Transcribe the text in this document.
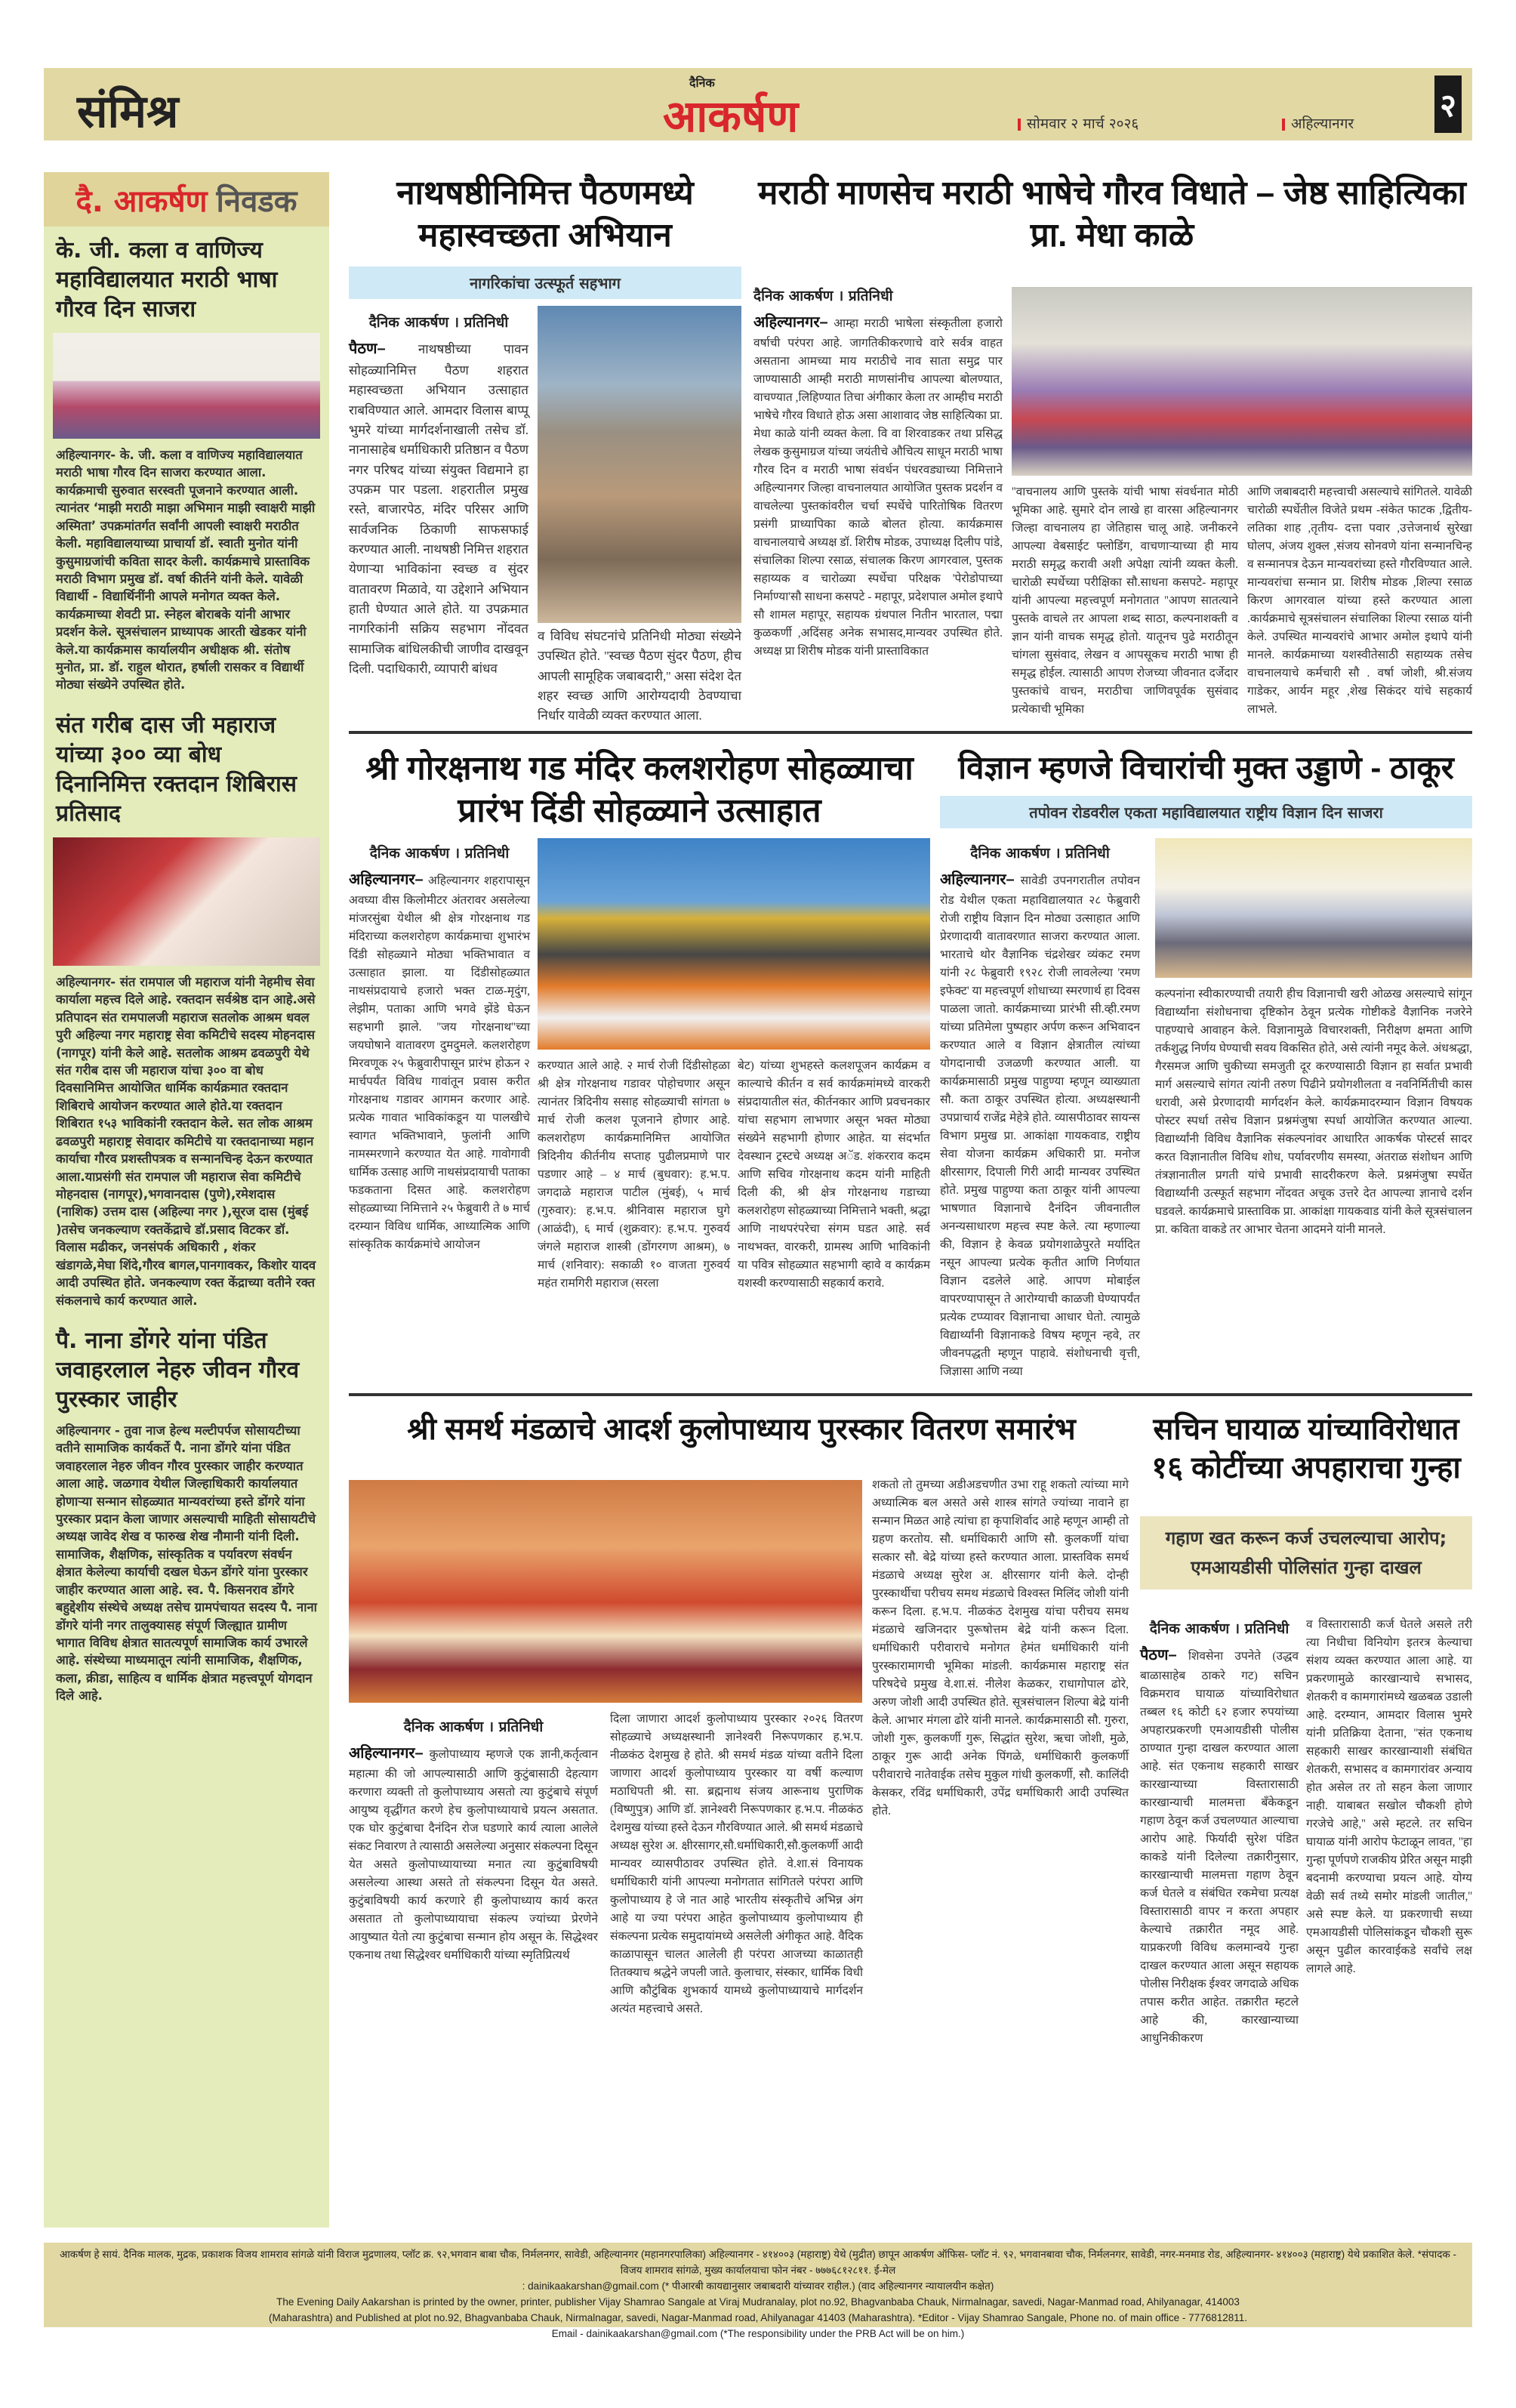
संमिश्र
दैनिक
आकर्षण	सोमवार २ मार्च २०२६	अहिल्यानगर
२
दै. आकर्षण निवडक
के. जी. कला व वाणिज्य महाविद्यालयात मराठी भाषा गौरव दिन साजरा
अहिल्यानगर- के. जी. कला व वाणिज्य महाविद्यालयात मराठी भाषा गौरव दिन साजरा करण्यात आला. कार्यक्रमाची सुरुवात सरस्वती पूजनाने करण्यात आली. त्यानंतर ‘माझी मराठी माझा अभिमान माझी स्वाक्षरी माझी अस्मिता’ उपक्रमांतर्गत सर्वांनी आपली स्वाक्षरी मराठीत केली. महाविद्यालयाच्या प्राचार्या डॉ. स्वाती मुनोत यांनी कुसुमाग्रजांची कविता सादर केली. कार्यक्रमाचे प्रास्ताविक मराठी विभाग प्रमुख डॉ. वर्षा कीर्तने यांनी केले. यावेळी विद्यार्थी - विद्यार्थिनींनी आपले मनोगत व्यक्त केले. कार्यक्रमाच्या शेवटी प्रा. स्नेहल बोराबके यांनी आभार प्रदर्शन केले. सूत्रसंचालन प्राध्यापक आरती खेडकर यांनी केले.या कार्यक्रमास कार्यालयीन अधीक्षक श्री. संतोष मुनोत, प्रा. डॉ. राहुल थोरात, हर्षाली रासकर व विद्यार्थी मोठ्या संख्येने उपस्थित होते.
संत गरीब दास जी महाराज यांच्या ३०० व्या बोध दिनानिमित्त रक्तदान शिबिरास प्रतिसाद
अहिल्यानगर- संत रामपाल जी महाराज यांनी नेहमीच सेवा कार्याला महत्त्व दिले आहे. रक्तदान सर्वश्रेष्ठ दान आहे.असे प्रतिपादन संत रामपालजी महाराज सतलोक आश्रम धवल पुरी अहिल्या नगर महाराष्ट्र सेवा कमिटीचे सदस्य मोहनदास (नागपूर) यांनी केले आहे. सतलोक आश्रम ढवळपुरी येथे संत गरीब दास जी महाराज यांचा ३०० वा बोध दिवसानिमित्त आयोजित धार्मिक कार्यक्रमात रक्तदान शिबिराचे आयोजन करण्यात आले होते.या रक्तदान शिबिरात १५३ भाविकांनी रक्तदान केले. सत लोक आश्रम ढवळपुरी महाराष्ट्र सेवादार कमिटीचे या रक्तदानाच्या महान कार्याचा गौरव प्रशस्तीपत्रक व सन्मानचिन्ह देऊन करण्यात आला.याप्रसंगी संत रामपाल जी महाराज सेवा कमिटीचे मोहनदास (नागपूर),भगवानदास (पुणे),रमेशदास (नाशिक) उत्तम दास (अहिल्या नगर ),सूरज दास (मुंबई )तसेच जनकल्याण रक्तकेंद्राचे डॉ.प्रसाद विटकर डॉ. विलास मढीकर, जनसंपर्क अधिकारी , शंकर खंडागळे,मेघा शिंदे,गौरव बागल,पानगावकर, किशोर यादव आदी उपस्थित होते. जनकल्याण रक्त केंद्राच्या वतीने रक्त संकलनाचे कार्य करण्यात आले.
पै. नाना डोंगरे यांना पंडित जवाहरलाल नेहरु जीवन गौरव पुरस्कार जाहीर
अहिल्यानगर - तुवा नाज हेल्थ मल्टीपर्पज सोसायटीच्या वतीने सामाजिक कार्यकर्ते पै. नाना डोंगरे यांना पंडित जवाहरलाल नेहरु जीवन गौरव पुरस्कार जाहीर करण्यात आला आहे. जळगाव येथील जिल्हाधिकारी कार्यालयात होणाऱ्या सन्मान सोहळ्यात मान्यवरांच्या हस्ते डोंगरे यांना पुरस्कार प्रदान केला जाणार असल्याची माहिती सोसायटीचे अध्यक्ष जावेद शेख व फारुख शेख नौमानी यांनी दिली. सामाजिक, शैक्षणिक, सांस्कृतिक व पर्यावरण संवर्धन क्षेत्रात केलेल्या कार्याची दखल घेऊन डोंगरे यांना पुरस्कार जाहीर करण्यात आला आहे. स्व. पै. किसनराव डोंगरे बहुद्देशीय संस्थेचे अध्यक्ष तसेच ग्रामपंचायत सदस्य पै. नाना डोंगरे यांनी नगर तालुक्यासह संपूर्ण जिल्ह्यात ग्रामीण भागात विविध क्षेत्रात सातत्यपूर्ण सामाजिक कार्य उभारले आहे. संस्थेच्या माध्यमातून त्यांनी सामाजिक, शैक्षणिक, कला, क्रीडा, साहित्य व धार्मिक क्षेत्रात महत्त्वपूर्ण योगदान दिले आहे.
नाथषष्ठीनिमित्त पैठणमध्ये महास्वच्छता अभियान
नागरिकांचा उत्स्फूर्त सहभाग
दैनिक आकर्षण । प्रतिनिधी
पैठण–	नाथषष्ठीच्या पावन सोहळ्यानिमित्त पैठण शहरात महास्वच्छता अभियान उत्साहात राबविण्यात आले. आमदार विलास बाप्पू भुमरे यांच्या मार्गदर्शनाखाली तसेच डॉ. नानासाहेब धर्माधिकारी प्रतिष्ठान व पैठण नगर परिषद यांच्या संयुक्त विद्यमाने हा उपक्रम पार पडला. शहरातील प्रमुख रस्ते, बाजारपेठ, मंदिर परिसर आणि सार्वजनिक ठिकाणी साफसफाई करण्यात आली. नाथषष्ठी निमित्त शहरात येणाऱ्या भाविकांना स्वच्छ व सुंदर वातावरण मिळावे, या उद्देशाने अभियान हाती घेण्यात आले होते. या उपक्रमात नागरिकांनी सक्रिय सहभाग नोंदवत सामाजिक बांधिलकीची जाणीव दाखवून दिली. पदाधिकारी, व्यापारी बांधव
व विविध संघटनांचे प्रतिनिधी मोठ्या संख्येने उपस्थित होते. ''स्वच्छ पैठण सुंदर पैठण, हीच आपली सामूहिक जबाबदारी,'' असा संदेश देत शहर स्वच्छ आणि आरोग्यदायी ठेवण्याचा निर्धार यावेळी व्यक्त करण्यात आला.
मराठी माणसेच मराठी भाषेचे गौरव विधाते – जेष्ठ साहित्यिका प्रा. मेधा काळे
दैनिक आकर्षण । प्रतिनिधी
अहिल्यानगर– आम्हा मराठी भाषेला संस्कृतीला हजारो वर्षाची परंपरा आहे. जागतिकीकरणाचे वारे सर्वत्र वाहत असताना आमच्या माय मराठीचे नाव साता समुद्र पार जाण्यासाठी आम्ही मराठी माणसांनीच आपल्या बोलण्यात, वाचण्यात ,लिहिण्यात तिचा अंगीकार केला तर आम्हीच मराठी भाषेचे गौरव विधाते होऊ असा आशावाद जेष्ठ साहित्यिका प्रा. मेधा काळे यांनी व्यक्त केला. वि वा शिरवाडकर तथा प्रसिद्ध लेखक कुसुमाग्रज यांच्या जयंतीचे औचित्य साधून मराठी भाषा गौरव दिन व मराठी भाषा संवर्धन पंधरवड्याच्या निमित्ताने अहिल्यानगर जिल्हा वाचनालयात आयोजित पुस्तक प्रदर्शन व वाचलेल्या पुस्तकांवरील चर्चा स्पर्धेचे पारितोषिक वितरण प्रसंगी प्राध्यापिका काळे बोलत होत्या. कार्यक्रमास वाचनालयाचे अध्यक्ष डॉ. शिरीष मोडक, उपाध्यक्ष दिलीप पांडे, संचालिका शिल्पा रसाळ, संचालक किरण आगरवाल, पुस्तक सहाय्यक व चारोळ्या स्पर्धेचा परिक्षक 'पेरोडोपाच्या निर्माण्या'सौ साधना कसपटे - महापूर, प्रदेशपाल अमोल इथापे सौ शामल महापूर, सहायक ग्रंथपाल नितीन भारताल, पद्मा कुळकर्णी ,अदिंसह अनेक सभासद,मान्यवर उपस्थित होते. अध्यक्ष प्रा शिरीष मोडक यांनी प्रास्ताविकात
''वाचनालय आणि पुस्तके यांची भाषा संवर्धनात मोठी भूमिका आहे. सुमारे दोन लाखे हा वारसा अहिल्यानगर जिल्हा वाचनालय हा जेतिहास चालू आहे. जनीकरने आपल्या वेबसाईट फ्लोडिंग, वाचणाऱ्याच्या ही माय मराठी समृद्ध करावी अशी अपेक्षा त्यांनी व्यक्त केली. चारोळी स्पर्धेच्या परीक्षिका सौ.साधना कसपटे- महापूर यांनी आपल्या महत्त्वपूर्ण मनोगतात ''आपण सातत्याने पुस्तके वाचले तर आपला शब्द साठा, कल्पनाशक्ती व ज्ञान यांनी वाचक समृद्ध होतो. यातूनच पुढे मराठीतून चांगला सुसंवाद, लेखन व आपसूकच मराठी भाषा ही समृद्ध होईल. त्यासाठी आपण रोजच्या जीवनात दर्जेदार पुस्तकांचे वाचन, मराठीचा जाणिवपूर्वक सुसंवाद प्रत्येकाची भूमिका
आणि जबाबदारी महत्त्वाची असल्याचे सांगितले. यावेळी चारोळी स्पर्धेतील विजेते प्रथम -संकेत फाटक ,द्वितीय- लतिका शाह ,तृतीय- दत्ता पवार ,उत्तेजनार्थ सुरेखा घोलप, अंजय शुक्ल ,संजय सोनवणे यांना सन्मानचिन्ह व सन्मानपत्र देऊन मान्यवरांच्या हस्ते गौरविण्यात आले. मान्यवरांचा सन्मान प्रा. शिरीष मोडक ,शिल्पा रसाळ किरण आगरवाल यांच्या हस्ते करण्यात आला .कार्यक्रमाचे सूत्रसंचालन संचालिका शिल्पा रसाळ यांनी केले. उपस्थित मान्यवरांचे आभार अमोल इथापे यांनी मानले. कार्यक्रमाच्या यशस्वीतेसाठी सहाय्यक तसेच वाचनालयाचे कर्मचारी सौ . वर्षा जोशी, श्री.संजय गाडेकर, आर्यन महूर ,शेख सिकंदर यांचे सहकार्य लाभले.
श्री गोरक्षनाथ गड मंदिर कलशरोहण सोहळ्याचा प्रारंभ दिंडी सोहळ्याने उत्साहात
दैनिक आकर्षण । प्रतिनिधी
अहिल्यानगर– अहिल्यानगर शहरापासून अवघ्या वीस किलोमीटर अंतरावर असलेल्या मांजरसुंबा येथील श्री क्षेत्र गोरक्षनाथ गड मंदिराच्या कलशरोहण कार्यक्रमाचा शुभारंभ दिंडी सोहळ्याने मोठ्या भक्तिभावात व उत्साहात झाला. या दिंडीसोहळ्यात नाथसंप्रदायाचे हजारो भक्त टाळ-मृदुंग, लेझीम, पताका आणि भगवे झेंडे घेऊन सहभागी झाले. ''जय गोरक्षनाथ''च्या जयघोषाने वातावरण दुमदुमले. कलशरोहण मिरवणूक २५ फेब्रुवारीपासून प्रारंभ होऊन २ मार्चपर्यंत विविध गावांतून प्रवास करीत गोरक्षनाथ गडावर आगमन करणार आहे. प्रत्येक गावात भाविकांकडून या पालखीचे स्वागत भक्तिभावाने, फुलांनी आणि नामस्मरणाने करण्यात येत आहे. गावोगावी धार्मिक उत्साह आणि नाथसंप्रदायाची पताका फडकताना दिसत आहे. कलशरोहण सोहळ्याच्या निमित्ताने २५ फेब्रुवारी ते ७ मार्च दरम्यान विविध धार्मिक, आध्यात्मिक आणि सांस्कृतिक कार्यक्रमांचे आयोजन
करण्यात आले आहे. २ मार्च रोजी दिंडीसोहळा श्री क्षेत्र गोरक्षनाथ गडावर पोहोचणार असून त्यानंतर त्रिदिनीय ससाह सोहळ्याची सांगता ७ मार्च रोजी कलश पूजनाने होणार आहे. कलशरोहण कार्यक्रमानिमित्त आयोजित त्रिदिनीय कीर्तनीय सप्ताह पुढीलप्रमाणे पार पडणार आहे – ४ मार्च (बुधवार): ह.भ.प. जगदाळे महाराज पाटील (मुंबई), ५ मार्च (गुरुवार): ह.भ.प. श्रीनिवास महाराज घुगे (आळंदी), ६ मार्च (शुक्रवार): ह.भ.प. गुरुवर्य जंगले महाराज शास्त्री (डोंगरगण आश्रम), ७ मार्च (शनिवार): सकाळी १० वाजता गुरुवर्य महंत रामगिरी महाराज (सरला
बेट) यांच्या शुभहस्ते कलशपूजन कार्यक्रम व काल्याचे कीर्तन व सर्व कार्यक्रमांमध्ये वारकरी संप्रदायातील संत, कीर्तनकार आणि प्रवचनकार यांचा सहभाग लाभणार असून भक्त मोठ्या संख्येने सहभागी होणार आहेत. या संदर्भात देवस्थान ट्रस्टचे अध्यक्ष अॅड. शंकरराव कदम आणि सचिव गोरक्षनाथ कदम यांनी माहिती दिली की, श्री क्षेत्र गोरक्षनाथ गडाच्या कलशरोहण सोहळ्याच्या निमित्ताने भक्ती, श्रद्धा आणि नाथपरंपरेचा संगम घडत आहे. सर्व नाथभक्त, वारकरी, ग्रामस्थ आणि भाविकांनी या पवित्र सोहळ्यात सहभागी व्हावे व कार्यक्रम यशस्वी करण्यासाठी सहकार्य करावे.
विज्ञान म्हणजे विचारांची मुक्त उड्डाणे - ठाकूर
तपोवन रोडवरील एकता महाविद्यालयात राष्ट्रीय विज्ञान दिन साजरा
दैनिक आकर्षण । प्रतिनिधी
अहिल्यानगर– सावेडी उपनगरातील तपोवन रोड येथील एकता महाविद्यालयात २८ फेब्रुवारी रोजी राष्ट्रीय विज्ञान दिन मोठ्या उत्साहात आणि प्रेरणादायी वातावरणात साजरा करण्यात आला. भारताचे थोर वैज्ञानिक चंद्रशेखर व्यंकट रमण यांनी २८ फेब्रुवारी १९२८ रोजी लावलेल्या 'रमण इफेक्ट' या महत्त्वपूर्ण शोधाच्या स्मरणार्थ हा दिवस पाळला जातो. कार्यक्रमाच्या प्रारंभी सी.व्ही.रमण यांच्या प्रतिमेला पुष्पहार अर्पण करून अभिवादन करण्यात आले व विज्ञान क्षेत्रातील त्यांच्या योगदानाची उजळणी करण्यात आली. या कार्यक्रमासाठी प्रमुख पाहुण्या म्हणून व्याख्याता सौ. कता ठाकूर उपस्थित होत्या. अध्यक्षस्थानी उपप्राचार्य राजेंद्र मेहेत्रे होते. व्यासपीठावर सायन्स विभाग प्रमुख प्रा. आकांक्षा गायकवाड, राष्ट्रीय सेवा योजना कार्यक्रम अधिकारी प्रा. मनोज क्षीरसागर, दिपाली गिरी आदी मान्यवर उपस्थित होते. प्रमुख पाहुण्या कता ठाकूर यांनी आपल्या भाषणात विज्ञानाचे दैनंदिन जीवनातील अनन्यसाधारण महत्त्व स्पष्ट केले. त्या म्हणाल्या की, विज्ञान हे केवळ प्रयोगशाळेपुरते मर्यादित नसून आपल्या प्रत्येक कृतीत आणि निर्णयात विज्ञान दडलेले आहे. आपण मोबाईल वापरण्यापासून ते आरोग्याची काळजी घेण्यापर्यंत प्रत्येक टप्प्यावर विज्ञानाचा आधार घेतो. त्यामुळे विद्यार्थ्यांनी विज्ञानाकडे विषय म्हणून न्हवे, तर जीवनपद्धती म्हणून पाहावे. संशोधनाची वृत्ती, जिज्ञासा आणि नव्या
कल्पनांना स्वीकारण्याची तयारी हीच विज्ञानाची खरी ओळख असल्याचे सांगून विद्यार्थ्यांना संशोधनाचा दृष्टिकोन ठेवून प्रत्येक गोष्टीकडे वैज्ञानिक नजरेने पाहण्याचे आवाहन केले. विज्ञानामुळे विचारशक्ती, निरीक्षण क्षमता आणि तर्कशुद्ध निर्णय घेण्याची सवय विकसित होते, असे त्यांनी नमूद केले. अंधश्रद्धा, गैरसमज आणि चुकीच्या समजुती दूर करण्यासाठी विज्ञान हा सर्वात प्रभावी मार्ग असल्याचे सांगत त्यांनी तरुण पिढीने प्रयोगशीलता व नवनिर्मितीची कास धरावी, असे प्रेरणादायी मार्गदर्शन केले. कार्यक्रमादरम्यान विज्ञान विषयक पोस्टर स्पर्धा तसेच विज्ञान प्रश्नमंजुषा स्पर्धा आयोजित करण्यात आल्या. विद्यार्थ्यांनी विविध वैज्ञानिक संकल्पनांवर आधारित आकर्षक पोस्टर्स सादर करत विज्ञानातील विविध शोध, पर्यावरणीय समस्या, अंतराळ संशोधन आणि तंत्रज्ञानातील प्रगती यांचे प्रभावी सादरीकरण केले. प्रश्नमंजुषा स्पर्धेत विद्यार्थ्यांनी उत्स्फूर्त सहभाग नोंदवत अचूक उत्तरे देत आपल्या ज्ञानाचे दर्शन घडवले. कार्यक्रमाचे प्रास्ताविक प्रा. आकांक्षा गायकवाड यांनी केले सूत्रसंचालन प्रा. कविता वाकडे तर आभार चेतना आदमने यांनी मानले.
श्री समर्थ मंडळाचे आदर्श कुलोपाध्याय पुरस्कार वितरण समारंभ
शकतो तो तुमच्या अडीअडचणीत उभा राहू शकतो त्यांच्या मागे अध्यात्मिक बल असते असे शास्त्र सांगते ज्यांच्या नावाने हा सन्मान मिळत आहे त्यांचा हा कृपाशिर्वाद आहे म्हणून आम्ही तो ग्रहण करतोय. सौ. धर्माधिकारी आणि सौ. कुलकर्णी यांचा सत्कार सौ. बेद्रे यांच्या हस्ते करण्यात आला. प्रास्तविक समर्थ मंडळाचे अध्यक्ष सुरेश अ. क्षीरसागर यांनी केले. दोन्ही पुरस्कार्थीचा परीचय समथ मंडळाचे विश्वस्त मिलिंद जोशी यांनी करून दिला. ह.भ.प. नीळकंठ देशमुख यांचा परीचय समथ मंडळाचे खजिनदार पुरूषोत्तम बेद्रे यांनी करून दिला. धर्माधिकारी परीवाराचे मनोगत हेमंत धर्माधिकारी यांनी पुरस्कारामागची भूमिका मांडली. कार्यक्रमास महाराष्ट्र संत परिषदेचे प्रमुख वे.शा.सं. नीलेश केळकर, राधागोपाल ढोरे, अरुण जोशी आदी उपस्थित होते. सूत्रसंचालन शिल्पा बेद्रे यांनी केले. आभार मंगला ढोरे यांनी मानले. कार्यक्रमासाठी सौ. गुरुरा, जोशी गुरू, कुलकर्णी गुरू, सिद्धांत सुरेश, ऋचा जोशी, मुळे, ठाकूर गुरू आदी अनेक पिंगळे, धर्माधिकारी कुलकर्णी परीवाराचे नातेवाईक तसेच मुकुल गांधी कुलकर्णी, सौ. कालिंदी केसकर, रविंद्र धर्माधिकारी, उपेंद्र धर्माधिकारी आदी उपस्थित होते.
दैनिक आकर्षण । प्रतिनिधी
अहिल्यानगर– कुलोपाध्याय म्हणजे एक ज्ञानी,कर्तृत्वान महात्मा की जो आपल्यासाठी आणि कुटुंबासाठी देहत्याग करणारा व्यक्ती तो कुलोपाध्याय असतो त्या कुटुंबाचे संपूर्ण आयुष्य वृद्धींगत करणे हेच कुलोपाध्यायाचे प्रयत्न असतात. एक घोर कुटुंबाचा दैनंदिन रोज घडणारे कार्य त्याला आलेले संकट निवारण ते त्यासाठी असलेल्या अनुसार संकल्पना दिसून येत असते कुलोपाध्यायाच्या मनात त्या कुटुंबाविषयी असलेल्या आस्था असते तो संकल्पना दिसून येत असते. कुटुंबाविषयी कार्य करणारे ही कुलोपाध्याय कार्य करत असतात तो कुलोपाध्यायाचा संकल्प ज्यांच्या प्रेरणेने आयुष्यात येतो त्या कुटुंबाचा सन्मान होय असून के. सिद्धेश्वर एकनाथ तथा सिद्धेश्वर धर्माधिकारी यांच्या स्मृतिप्रित्यर्थ
दिला जाणारा आदर्श कुलोपाध्याय पुरस्कार २०२६ वितरण सोहळ्याचे अध्यक्षस्थानी ज्ञानेश्वरी निरूपणकार ह.भ.प. नीळकंठ देशमुख हे होते. श्री समर्थ मंडळ यांच्या वतीने दिला जाणारा आदर्श कुलोपाध्याय पुरस्कार या वर्षी कल्याण मठाधिपती श्री. सा. ब्रह्मनाथ संजय आरूनाथ पुराणिक (विष्णुपुत्र) आणि डॉ. ज्ञानेश्वरी निरूपणकार ह.भ.प. नीळकंठ देशमुख यांच्या हस्ते देऊन गौरविण्यात आले. श्री समर्थ मंडळाचे अध्यक्ष सुरेश अ. क्षीरसागर,सौ.धर्माधिकारी,सौ.कुलकर्णी आदी मान्यवर व्यासपीठावर उपस्थित होते. वे.शा.सं विनायक धर्माधिकारी यांनी आपल्या मनोगतात सांगितले परंपरा आणि कुलोपाध्याय हे जे नात आहे भारतीय संस्कृतीचे अभिन्न अंग आहे या ज्या परंपरा आहेत कुलोपाध्याय कुलोपाध्याय ही संकल्पना प्रत्येक समुदायांमध्ये असलेली अंगीकृत आहे. वैदिक काळापासून चालत आलेली ही परंपरा आजच्या काळातही तितक्याच श्रद्धेने जपली जाते. कुलाचार, संस्कार, धार्मिक विधी आणि कौटुंबिक शुभकार्य यामध्ये कुलोपाध्यायाचे मार्गदर्शन अत्यंत महत्त्वाचे असते.
सचिन घायाळ यांच्याविरोधात १६ कोटींच्या अपहाराचा गुन्हा
गहाण खत करून कर्ज उचलल्याचा आरोप; एमआयडीसी पोलिसांत गुन्हा दाखल
दैनिक आकर्षण । प्रतिनिधी
पैठण– शिवसेना उपनेते (उद्धव बाळासाहेब ठाकरे गट) सचिन विक्रमराव घायाळ यांच्याविरोधात तब्बल १६ कोटी ६२ हजार रुपयांच्या अपहारप्रकरणी एमआयडीसी पोलीस ठाण्यात गुन्हा दाखल करण्यात आला आहे. संत एकनाथ सहकारी साखर कारखान्याच्या विस्तारासाठी कारखान्याची मालमत्ता बँकेकडून गहाण ठेवून कर्ज उचलण्यात आल्याचा आरोप आहे. फिर्यादी सुरेश पंडित काकडे यांनी दिलेल्या तक्रारीनुसार, कारखान्याची मालमत्ता गहाण ठेवून कर्ज घेतले व संबंधित रकमेचा प्रत्यक्ष विस्तारासाठी वापर न करता अपहार केल्याचे तक्रारीत नमूद आहे. याप्रकरणी विविध कलमान्वये गुन्हा दाखल करण्यात आला असून सहायक पोलीस निरीक्षक ईश्वर जगदाळे अधिक तपास करीत आहेत. तक्रारीत म्हटले आहे की, कारखान्याच्या आधुनिकीकरण
व विस्तारासाठी कर्ज घेतले असले तरी त्या निधीचा विनियोग इतरत्र केल्याचा संशय व्यक्त करण्यात आला आहे. या प्रकरणामुळे कारखान्याचे सभासद, शेतकरी व कामगारांमध्ये खळबळ उडाली आहे. दरम्यान, आमदार विलास भुमरे यांनी प्रतिक्रिया देताना, ''संत एकनाथ सहकारी साखर कारखान्याशी संबंधित शेतकरी, सभासद व कामगारांवर अन्याय होत असेल तर तो सहन केला जाणार नाही. याबाबत सखोल चौकशी होणे गरजेचे आहे,'' असे म्हटले. तर सचिन घायाळ यांनी आरोप फेटाळून लावत, ''हा गुन्हा पूर्णपणे राजकीय प्रेरित असून माझी बदनामी करण्याचा प्रयत्न आहे. योग्य वेळी सर्व तथ्ये समोर मांडली जातील,'' असे स्पष्ट केले. या प्रकरणाची सध्या एमआयडीसी पोलिसांकडून चौकशी सुरू असून पुढील कारवाईकडे सर्वांचे लक्ष लागले आहे.
आकर्षण हे सायं. दैनिक मालक, मुद्रक, प्रकाशक विजय शामराव सांगळे यांनी विराज मुद्रणालय, प्लॉट क्र. ९२,भगवान बाबा चौक, निर्मलनगर, सावेडी, अहिल्यानगर (महानगरपालिका) अहिल्यानगर - ४१४००३ (महाराष्ट्र) येथे (मुद्रीत) छापून आकर्षण ऑफिस- प्लॉट नं. ९२, भगवानबावा चौक, निर्मलनगर, सावेडी, नगर-मनमाड रोड, अहिल्यानगर- ४१४००३ (महाराष्ट्र) येथे प्रकाशित केले. *संपादक - विजय शामराव सांगळे, मुख्य कार्यालयाचा फोन नंबर - ७७७६८१२८११. ई-मेल
: dainikaakarshan@gmail.com (* पीआरबी कायद्यानुसार जबाबदारी यांच्यावर राहील.) (वाद अहिल्यानगर न्यायालयीन कक्षेत)
The Evening Daily Aakarshan is printed by the owner, printer, publisher Vijay Shamrao Sangale at Viraj Mudranalay, plot no.92, Bhagvanbaba Chauk, Nirmalnagar, savedi, Nagar-Manmad road, Ahilyanagar, 414003
(Maharashtra) and Published at plot no.92, Bhagvanbaba Chauk, Nirmalnagar, savedi, Nagar-Manmad road, Ahilyanagar 41403 (Maharashtra). *Editor - Vijay Shamrao Sangale, Phone no. of main office - 7776812811.
Email - dainikaakarshan@gmail.com (*The responsibility under the PRB Act will be on him.)
